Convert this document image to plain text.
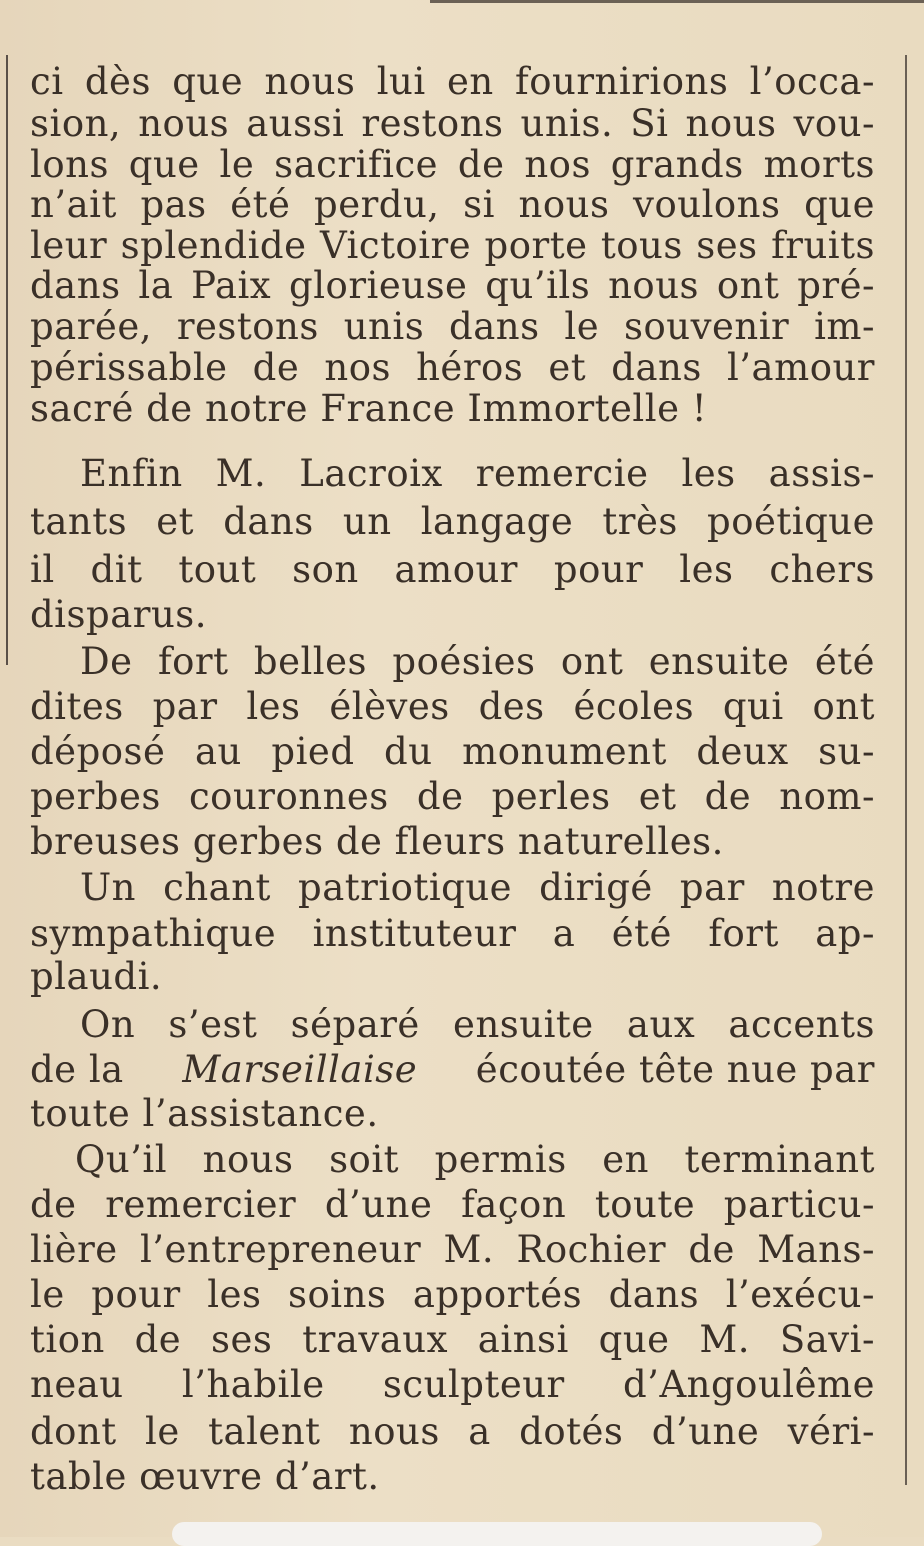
ci dès que nous lui en fournirions l’occa-
sion, nous aussi restons unis. Si nous vou-
lons que le sacrifice de nos grands morts
n’ait pas été perdu, si nous voulons que
leur splendide Victoire porte tous ses fruits
dans la Paix glorieuse qu’ils nous ont pré-
parée, restons unis dans le souvenir im-
périssable de nos héros et dans l’amour
sacré de notre France Immortelle !
Enfin M. Lacroix remercie les assis-
tants et dans un langage très poétique
il dit tout son amour pour les chers
disparus.
De fort belles poésies ont ensuite été
dites par les élèves des écoles qui ont
déposé au pied du monument deux su-
perbes couronnes de perles et de nom-
breuses gerbes de fleurs naturelles.
Un chant patriotique dirigé par notre
sympathique instituteur a été fort ap-
plaudi.
On s’est séparé ensuite aux accents
de la Marseillaise écoutée tête nue par
toute l’assistance.
Qu’il nous soit permis en terminant
de remercier d’une façon toute particu-
lière l’entrepreneur M. Rochier de Mans-
le pour les soins apportés dans l’exécu-
tion de ses travaux ainsi que M. Savi-
neau l’habile sculpteur d’Angoulême
dont le talent nous a dotés d’une véri-
table œuvre d’art.
